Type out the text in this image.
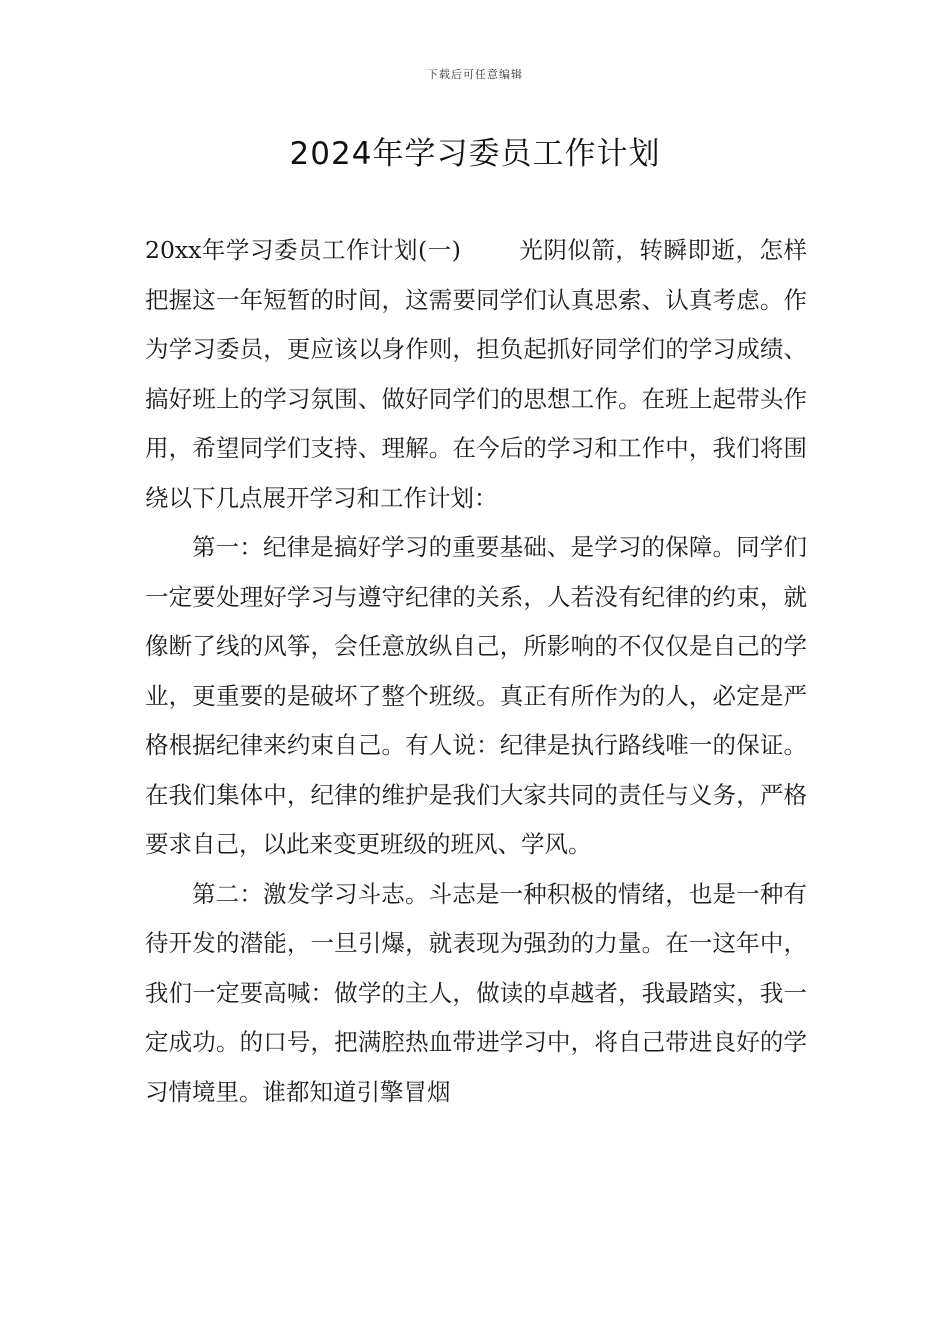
下载后可任意编辑
2024年学习委员工作计划

20xx年学习委员工作计划(一) 光阴似箭，转瞬即逝，怎样把握这一年短暂的时间，这需要同学们认真思索、认真考虑。作为学习委员，更应该以身作则，担负起抓好同学们的学习成绩、搞好班上的学习氛围、做好同学们的思想工作。在班上起带头作用，希望同学们支持、理解。在今后的学习和工作中，我们将围绕以下几点展开学习和工作计划：

第一：纪律是搞好学习的重要基础、是学习的保障。同学们一定要处理好学习与遵守纪律的关系，人若没有纪律的约束，就像断了线的风筝，会任意放纵自己，所影响的不仅仅是自己的学业，更重要的是破坏了整个班级。真正有所作为的人，必定是严格根据纪律来约束自己。有人说：纪律是执行路线唯一的保证。在我们集体中，纪律的维护是我们大家共同的责任与义务，严格要求自己，以此来变更班级的班风、学风。

第二：激发学习斗志。斗志是一种积极的情绪，也是一种有待开发的潜能，一旦引爆，就表现为强劲的力量。在一这年中，我们一定要高喊：做学的主人，做读的卓越者，我最踏实，我一定成功。的口号，把满腔热血带进学习中，将自己带进良好的学习情境里。谁都知道引擎冒烟
